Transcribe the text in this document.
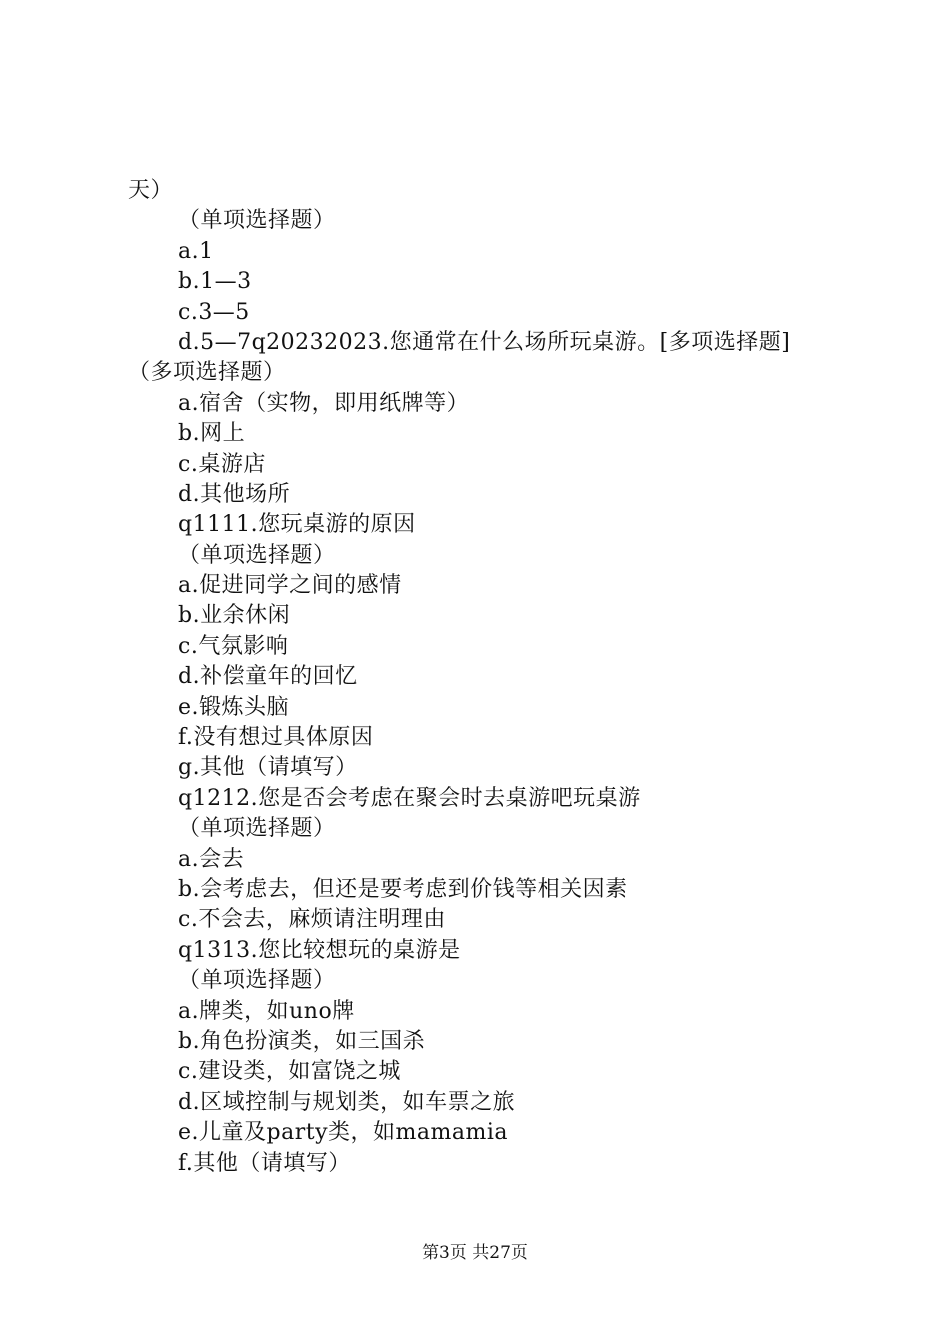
天）
（单项选择题）
a.1
b.1—3
c.3—5
d.5—7q20232023.您通常在什么场所玩桌游。[多项选择题]
（多项选择题）
a.宿舍（实物，即用纸牌等）
b.网上
c.桌游店
d.其他场所
q1111.您玩桌游的原因
（单项选择题）
a.促进同学之间的感情
b.业余休闲
c.气氛影响
d.补偿童年的回忆
e.锻炼头脑
f.没有想过具体原因
g.其他（请填写）
q1212.您是否会考虑在聚会时去桌游吧玩桌游
（单项选择题）
a.会去
b.会考虑去，但还是要考虑到价钱等相关因素
c.不会去，麻烦请注明理由
q1313.您比较想玩的桌游是
（单项选择题）
a.牌类，如uno牌
b.角色扮演类，如三国杀
c.建设类，如富饶之城
d.区域控制与规划类，如车票之旅
e.儿童及party类，如mamamia
f.其他（请填写）
第3页 共27页
